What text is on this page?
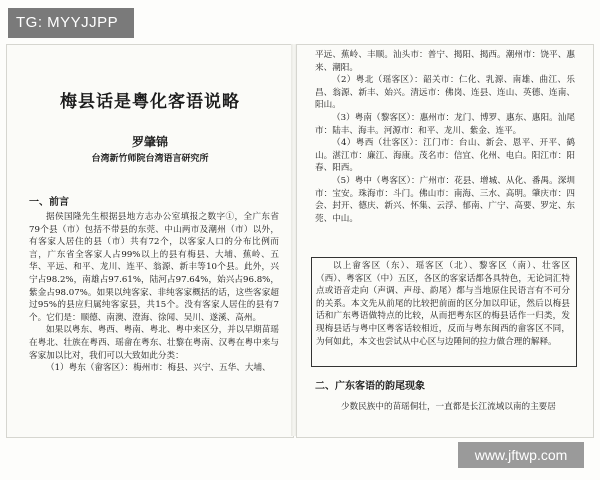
TG: MYYJJPP
梅县话是粤化客语说略
罗肇锦
台湾新竹师院台湾语言研究所
一、前言

据侯国隆先生根据县地方志办公室填报之数字①，全广东省79个县（市）包括不带县的东莞、中山两市及潮州（市）以外，有客家人居住的县（市）共有72个，以客家人口的分布比例而言，广东省全客家人占99%以上的县有梅县、大埔、蕉岭、五华、平远、和平、龙川、连平、翁源、新丰等10个县。此外，兴宁占98.2%，南雄占97.61%，陆河占97.64%，始兴占96.8%，紫金占98.07%。如果以纯客家、非纯客家概括的话，这些客家超过95%的县应归属纯客家县，共15个。没有客家人居住的县有7个。它们是：顺德、南澳、澄海、徐闻、吴川、遂溪、高州。

如果以粤东、粤西、粤南、粤北、粤中来区分，并以早期苗瑶在粤北、壮族在粤西、瑶畲在粤东、壮黎在粤南、汉粤在粤中来与客家加以比对，我们可以大致如此分类：

（1）粤东（畲客区）：梅州市：梅县、兴宁、五华、大埔、

平远、蕉岭、丰顺。汕头市：普宁、揭阳、揭西。潮州市：饶平、惠来、潮阳。

（2）粤北（瑶客区）：韶关市：仁化、乳源、南雄、曲江、乐昌、翁源、新丰、始兴。清远市：佛岗、连县、连山、英德、连南、阳山。

（3）粤南（黎客区）：惠州市：龙门、博罗、惠东、惠阳。汕尾市：陆丰、海丰。河源市：和平、龙川、紫金、连平。

（4）粤西（壮客区）：江门市：台山、新会、恩平、开平、鹤山。湛江市：廉江、海康。茂名市：信宜、化州、电白。阳江市：阳春、阳西。

（5）粤中（粤客区）：广州市：花县、增城、从化、番禺。深圳市：宝安。珠海市：斗门。佛山市：南海、三水、高明。肇庆市：四会、封开、德庆、新兴、怀集、云浮、郁南、广宁、高要、罗定、东莞、中山。

以上畲客区（东）、瑶客区（北）、黎客区（南）、壮客区（西）、粤客区（中）五区，各区的客家话都各具特色，无论词汇特点或语音走向（声调、声母、韵尾）都与当地原住民语言有不可分的关系。本文先从前尾的比较把前面的区分加以印证，然后以梅县话和广东粤语做特点的比较，从而把粤东区的梅县话作一归类，发现梅县话与粤中区粤客话较相近，反而与粤东闽西的畲客区不同，为何如此，本文也尝试从中心区与边陲间的拉力做合理的解释。

二、广东客语的韵尾现象

少数民族中的苗瑶侗壮，一直都是长江流域以南的主要居

www.jftwp.com
